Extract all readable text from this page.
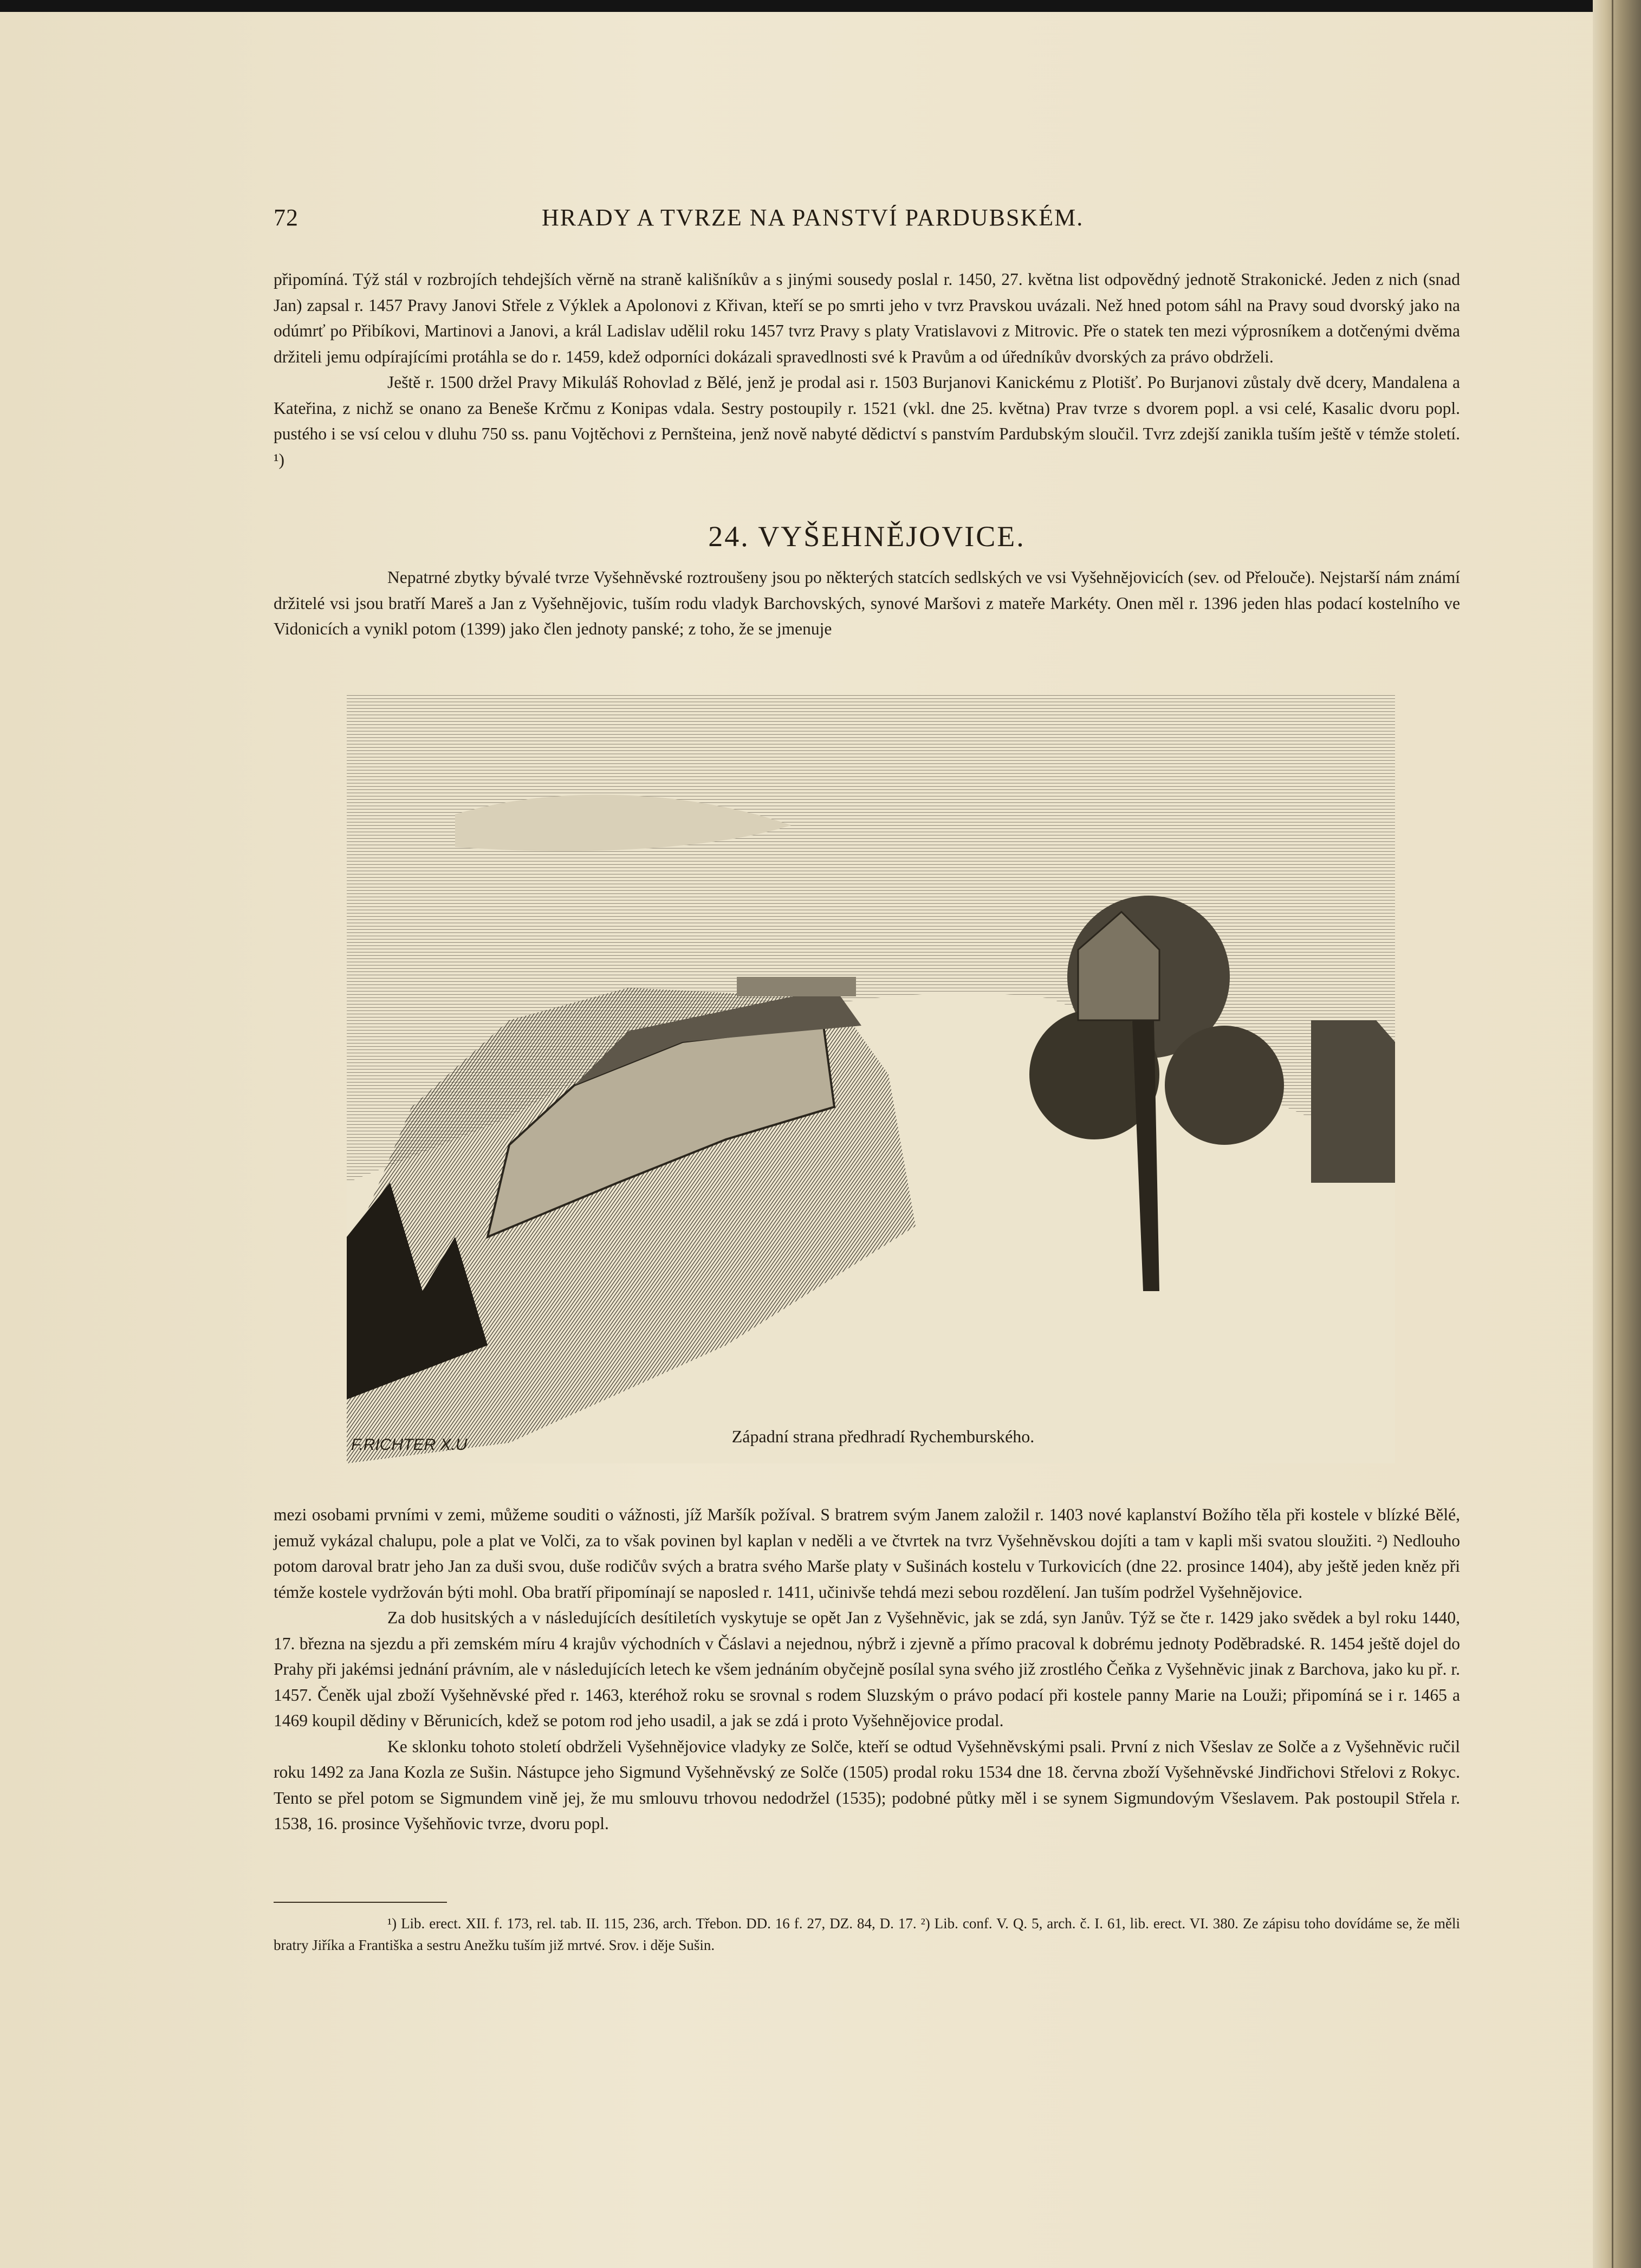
72	HRADY A TVRZE NA PANSTVÍ PARDUBSKÉM.

připomíná. Týž stál v rozbrojích tehdejších věrně na straně kališníkův a s jinými sousedy poslal r. 1450, 27. května list odpovědný jednotě Strakonické. Jeden z nich (snad Jan) zapsal r. 1457 Pravy Janovi Střele z Výklek a Apolonovi z Křivan, kteří se po smrti jeho v tvrz Pravskou uvázali. Než hned potom sáhl na Pravy soud dvorský jako na odúmrť po Přibíkovi, Martinovi a Janovi, a král Ladislav udělil roku 1457 tvrz Pravy s platy Vratislavovi z Mitrovic. Pře o statek ten mezi výprosníkem a dotčenými dvěma držiteli jemu odpírajícími protáhla se do r. 1459, kdež odporníci dokázali spravedlnosti své k Pravům a od úředníkův dvorských za právo obdrželi.

Ještě r. 1500 držel Pravy Mikuláš Rohovlad z Bělé, jenž je prodal asi r. 1503 Burjanovi Kanickému z Plotišť. Po Burjanovi zůstaly dvě dcery, Mandalena a Kateřina, z nichž se onano za Beneše Krčmu z Konipas vdala. Sestry postoupily r. 1521 (vkl. dne 25. května) Prav tvrze s dvorem popl. a vsi celé, Kasalic dvoru popl. pustého i se vsí celou v dluhu 750 ss. panu Vojtěchovi z Pernšteina, jenž nově nabyté dědictví s panstvím Pardubským sloučil. Tvrz zdejší zanikla tuším ještě v témže století. ¹)

24. VYŠEHNĚJOVICE.

Nepatrné zbytky bývalé tvrze Vyšehněvské roztroušeny jsou po některých statcích sedlských ve vsi Vyšehnějovicích (sev. od Přelouče). Nejstarší nám známí držitelé vsi jsou bratří Mareš a Jan z Vyšehnějovic, tuším rodu vladyk Barchovských, synové Maršovi z mateře Markéty. Onen měl r. 1396 jeden hlas podací kostelního ve Vidonicích a vynikl potom (1399) jako člen jednoty panské; z toho, že se jmenuje

F.RICHTER X.U	Západní strana předhradí Rychemburského.

mezi osobami prvními v zemi, můžeme souditi o vážnosti, jíž Maršík požíval. S bratrem svým Janem založil r. 1403 nové kaplanství Božího těla při kostele v blízké Bělé, jemuž vykázal chalupu, pole a plat ve Volči, za to však povinen byl kaplan v neděli a ve čtvrtek na tvrz Vyšehněvskou dojíti a tam v kapli mši svatou sloužiti. ²) Nedlouho potom daroval bratr jeho Jan za duši svou, duše rodičův svých a bratra svého Marše platy v Sušinách kostelu v Turkovicích (dne 22. prosince 1404), aby ještě jeden kněz při témže kostele vydržován býti mohl. Oba bratří připomínají se naposled r. 1411, učinivše tehdá mezi sebou rozdělení. Jan tuším podržel Vyšehnějovice.

Za dob husitských a v následujících desítiletích vyskytuje se opět Jan z Vyšehněvic, jak se zdá, syn Janův. Týž se čte r. 1429 jako svědek a byl roku 1440, 17. března na sjezdu a při zemském míru 4 krajův východních v Čáslavi a nejednou, nýbrž i zjevně a přímo pracoval k dobrému jednoty Poděbradské. R. 1454 ještě dojel do Prahy při jakémsi jednání právním, ale v následujících letech ke všem jednáním obyčejně posílal syna svého již zrostlého Čeňka z Vyšehněvic jinak z Barchova, jako ku př. r. 1457. Čeněk ujal zboží Vyšehněvské před r. 1463, kteréhož roku se srovnal s rodem Sluzským o právo podací při kostele panny Marie na Louži; připomíná se i r. 1465 a 1469 koupil dědiny v Běrunicích, kdež se potom rod jeho usadil, a jak se zdá i proto Vyšehnějovice prodal.

Ke sklonku tohoto století obdrželi Vyšehnějovice vladyky ze Solče, kteří se odtud Vyšehněvskými psali. První z nich Všeslav ze Solče a z Vyšehněvic ručil roku 1492 za Jana Kozla ze Sušin. Nástupce jeho Sigmund Vyšehněvský ze Solče (1505) prodal roku 1534 dne 18. června zboží Vyšehněvské Jindřichovi Střelovi z Rokyc. Tento se přel potom se Sigmundem vině jej, že mu smlouvu trhovou nedodržel (1535); podobné půtky měl i se synem Sigmundovým Všeslavem. Pak postoupil Střela r. 1538, 16. prosince Vyšehňovic tvrze, dvoru popl.

¹) Lib. erect. XII. f. 173, rel. tab. II. 115, 236, arch. Třebon. DD. 16 f. 27, DZ. 84, D. 17. ²) Lib. conf. V. Q. 5, arch. č. I. 61, lib. erect. VI. 380. Ze zápisu toho dovídáme se, že měli bratry Jiříka a Františka a sestru Anežku tuším již mrtvé. Srov. i děje Sušin.
